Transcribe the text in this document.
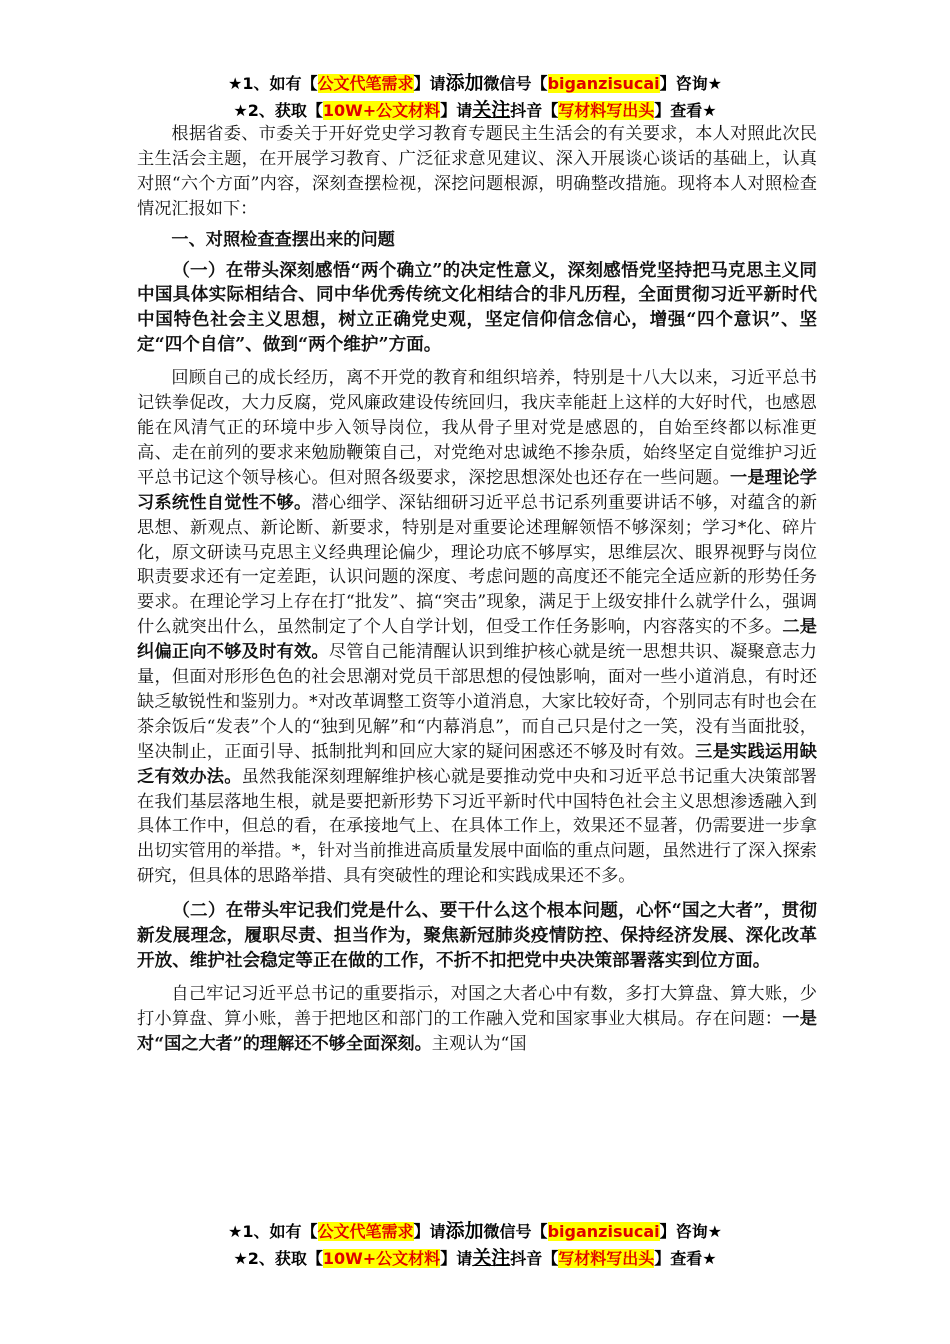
★1、如有【公文代笔需求】请添加微信号【biganzisucai】咨询★
★2、获取【10W+公文材料】请关注抖音【写材料写出头】查看★

根据省委、市委关于开好党史学习教育专题民主生活会的有关要求，本人对照此次民主生活会主题，在开展学习教育、广泛征求意见建议、深入开展谈心谈话的基础上，认真对照“六个方面”内容，深刻查摆检视，深挖问题根源，明确整改措施。现将本人对照检查情况汇报如下：

一、对照检查查摆出来的问题

（一）在带头深刻感悟“两个确立”的决定性意义，深刻感悟党坚持把马克思主义同中国具体实际相结合、同中华优秀传统文化相结合的非凡历程，全面贯彻习近平新时代中国特色社会主义思想，树立正确党史观，坚定信仰信念信心，增强“四个意识”、坚定“四个自信”、做到“两个维护”方面。

回顾自己的成长经历，离不开党的教育和组织培养，特别是十八大以来，习近平总书记铁拳促改，大力反腐，党风廉政建设传统回归，我庆幸能赶上这样的大好时代，也感恩能在风清气正的环境中步入领导岗位，我从骨子里对党是感恩的，自始至终都以标准更高、走在前列的要求来勉励鞭策自己，对党绝对忠诚绝不掺杂质，始终坚定自觉维护习近平总书记这个领导核心。但对照各级要求，深挖思想深处也还存在一些问题。一是理论学习系统性自觉性不够。潜心细学、深钻细研习近平总书记系列重要讲话不够，对蕴含的新思想、新观点、新论断、新要求，特别是对重要论述理解领悟不够深刻；学习*化、碎片化，原文研读马克思主义经典理论偏少，理论功底不够厚实，思维层次、眼界视野与岗位职责要求还有一定差距，认识问题的深度、考虑问题的高度还不能完全适应新的形势任务要求。在理论学习上存在打“批发”、搞“突击”现象，满足于上级安排什么就学什么，强调什么就突出什么，虽然制定了个人自学计划，但受工作任务影响，内容落实的不多。二是纠偏正向不够及时有效。尽管自己能清醒认识到维护核心就是统一思想共识、凝聚意志力量，但面对形形色色的社会思潮对党员干部思想的侵蚀影响，面对一些小道消息，有时还缺乏敏锐性和鉴别力。*对改革调整工资等小道消息，大家比较好奇，个别同志有时也会在茶余饭后“发表”个人的“独到见解”和“内幕消息”，而自己只是付之一笑，没有当面批驳，坚决制止，正面引导、抵制批判和回应大家的疑问困惑还不够及时有效。三是实践运用缺乏有效办法。虽然我能深刻理解维护核心就是要推动党中央和习近平总书记重大决策部署在我们基层落地生根，就是要把新形势下习近平新时代中国特色社会主义思想渗透融入到具体工作中，但总的看，在承接地气上、在具体工作上，效果还不显著，仍需要进一步拿出切实管用的举措。*，针对当前推进高质量发展中面临的重点问题，虽然进行了深入探索研究，但具体的思路举措、具有突破性的理论和实践成果还不多。

（二）在带头牢记我们党是什么、要干什么这个根本问题，心怀“国之大者”，贯彻新发展理念，履职尽责、担当作为，聚焦新冠肺炎疫情防控、保持经济发展、深化改革开放、维护社会稳定等正在做的工作，不折不扣把党中央决策部署落实到位方面。

自己牢记习近平总书记的重要指示，对国之大者心中有数，多打大算盘、算大账，少打小算盘、算小账，善于把地区和部门的工作融入党和国家事业大棋局。存在问题：一是对“国之大者”的理解还不够全面深刻。主观认为“国

★1、如有【公文代笔需求】请添加微信号【biganzisucai】咨询★
★2、获取【10W+公文材料】请关注抖音【写材料写出头】查看★
